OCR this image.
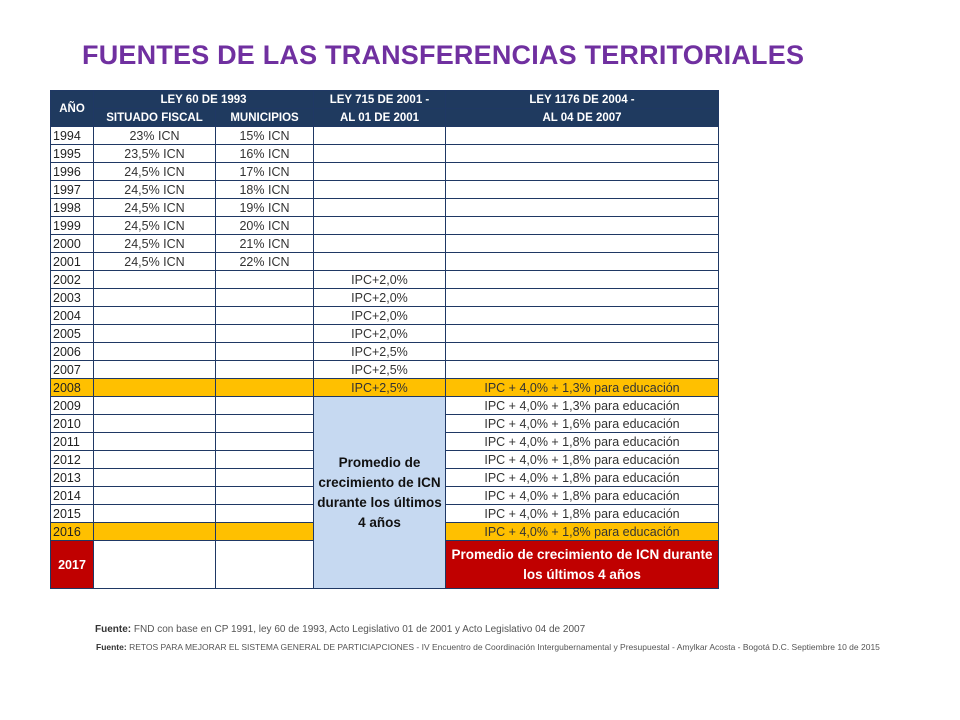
FUENTES DE LAS TRANSFERENCIAS TERRITORIALES
AÑO	LEY 60 DE 1993		LEY 715 DE 2001 -	LEY 1176 DE 2004 -
	SITUADO FISCAL	MUNICIPIOS	AL 01 DE 2001	AL 04 DE 2007
1994	23% ICN	15% ICN		
1995	23,5% ICN	16% ICN		
1996	24,5% ICN	17% ICN		
1997	24,5% ICN	18% ICN		
1998	24,5% ICN	19% ICN		
1999	24,5% ICN	20% ICN		
2000	24,5% ICN	21% ICN		
2001	24,5% ICN	22% ICN		
2002			IPC+2,0%	
2003			IPC+2,0%	
2004			IPC+2,0%	
2005			IPC+2,0%	
2006			IPC+2,5%	
2007			IPC+2,5%	
2008			IPC+2,5%	IPC + 4,0% + 1,3% para educación
2009			Promedio de crecimiento de ICN durante los últimos 4 años	IPC + 4,0% + 1,3% para educación
2010				IPC + 4,0% + 1,6% para educación
2011				IPC + 4,0% + 1,8% para educación
2012				IPC + 4,0% + 1,8% para educación
2013				IPC + 4,0% + 1,8% para educación
2014				IPC + 4,0% + 1,8% para educación
2015				IPC + 4,0% + 1,8% para educación
2016				IPC + 4,0% + 1,8% para educación
2017				Promedio de crecimiento de ICN durante los últimos 4 años
Fuente: FND con base en CP 1991, ley 60 de 1993, Acto Legislativo 01 de 2001 y Acto Legislativo 04 de 2007
Fuente: RETOS PARA MEJORAR EL SISTEMA GENERAL DE PARTICIAPCIONES - IV Encuentro de Coordinación Intergubernamental y Presupuestal - Amylkar Acosta - Bogotá D.C. Septiembre 10 de 2015
